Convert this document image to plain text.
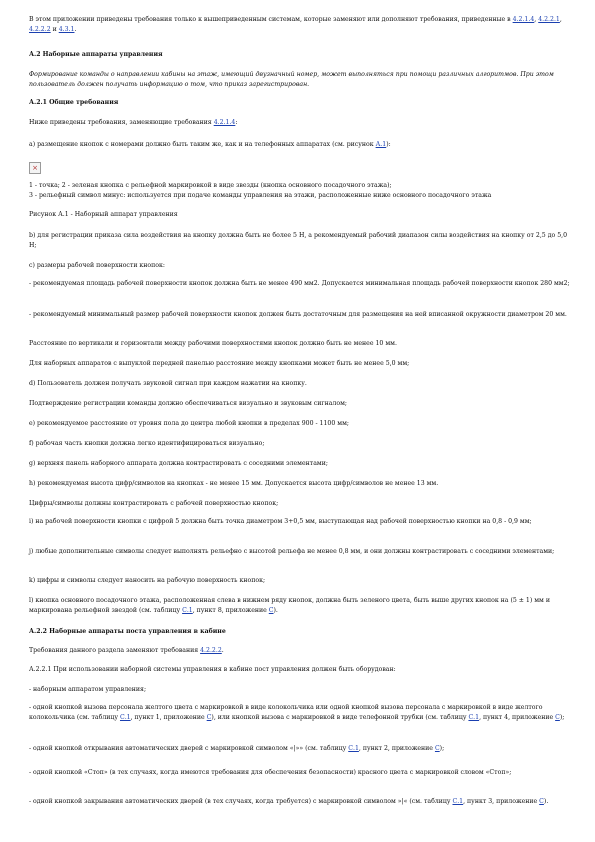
В этом приложении приведены требования только к вышеприведенным системам, которые заменяют или дополняют требования, приведенные в 4.2.1.4, 4.2.2.1, 4.2.2.2 и 4.3.1.

А.2 Наборные аппараты управления

Формирование команды о направлении кабины на этаж, имеющий двузначный номер, может выполняться при помощи различных алгоритмов. При этом пользователь должен получать информацию о том, что приказ зарегистрирован.

А.2.1 Общие требования

Ниже приведены требования, заменяющие требования 4.2.1.4:

а) размещение кнопок с номерами должно быть таким же, как и на телефонных аппаратах (см. рисунок А.1):

×

1 - точка; 2 - зеленая кнопка с рельефной маркировкой в виде звезды (кнопка основного посадочного этажа);

3 - рельефный символ минус: используется при подаче команды управления на этажи, расположенные ниже основного посадочного этажа

Рисунок А.1 - Наборный аппарат управления

b) для регистрации приказа сила воздействия на кнопку должна быть не более 5 Н, а рекомендуемый рабочий диапазон силы воздействия на кнопку от 2,5 до 5,0 Н;

c) размеры рабочей поверхности кнопок:

- рекомендуемая площадь рабочей поверхности кнопок должна быть не менее 490 мм2. Допускается минимальная площадь рабочей поверхности кнопок 280 мм2;

- рекомендуемый минимальный размер рабочей поверхности кнопок должен быть достаточным для размещения на ней вписанной окружности диаметром 20 мм.

Расстояние по вертикали и горизонтали между рабочими поверхностями кнопок должно быть не менее 10 мм.

Для наборных аппаратов с выпуклой передней панелью расстояние между кнопками может быть не менее 5,0 мм;

d) Пользователь должен получать звуковой сигнал при каждом нажатии на кнопку.

Подтверждение регистрации команды должно обеспечиваться визуально и звуковым сигналом;

e) рекомендуемое расстояние от уровня пола до центра любой кнопки в пределах 900 - 1100 мм;

f) рабочая часть кнопки должна легко идентифицироваться визуально;

g) верхняя панель наборного аппарата должна контрастировать с соседними элементами;

h) рекомендуемая высота цифр/символов на кнопках - не менее 15 мм. Допускается высота цифр/символов не менее 13 мм.

Цифры/символы должны контрастировать с рабочей поверхностью кнопок;

i) на рабочей поверхности кнопки с цифрой 5 должна быть точка диаметром 3+0,5 мм, выступающая над рабочей поверхностью кнопки на 0,8 - 0,9 мм;

j) любые дополнительные символы следует выполнять рельефно с высотой рельефа не менее 0,8 мм, и они должны контрастировать с соседними элементами;

k) цифры и символы следует наносить на рабочую поверхность кнопок;

l) кнопка основного посадочного этажа, расположенная слева в нижнем ряду кнопок, должна быть зеленого цвета, быть выше других кнопок на (5 ± 1) мм и маркирована рельефной звездой (см. таблицу С.1, пункт 8, приложение С).

А.2.2 Наборные аппараты поста управления в кабине

Требования данного раздела заменяют требования 4.2.2.2.

А.2.2.1 При использовании наборной системы управления в кабине пост управления должен быть оборудован:

- наборным аппаратом управления;

- одной кнопкой вызова персонала желтого цвета с маркировкой в виде колокольчика или одной кнопкой вызова персонала с маркировкой в виде желтого колокольчика (см. таблицу С.1, пункт 1, приложение С), или кнопкой вызова с маркировкой в виде телефонной трубки (см. таблицу С.1, пункт 4, приложение С);

- одной кнопкой открывания автоматических дверей с маркировкой символом «|»» (см. таблицу С.1, пункт 2, приложение С);

- одной кнопкой «Стоп» (в тех случаях, когда имеются требования для обеспечения безопасности) красного цвета с маркировкой словом «Стоп»;

- одной кнопкой закрывания автоматических дверей (в тех случаях, когда требуется) с маркировкой символом »|« (см. таблицу С.1, пункт 3, приложение С).
